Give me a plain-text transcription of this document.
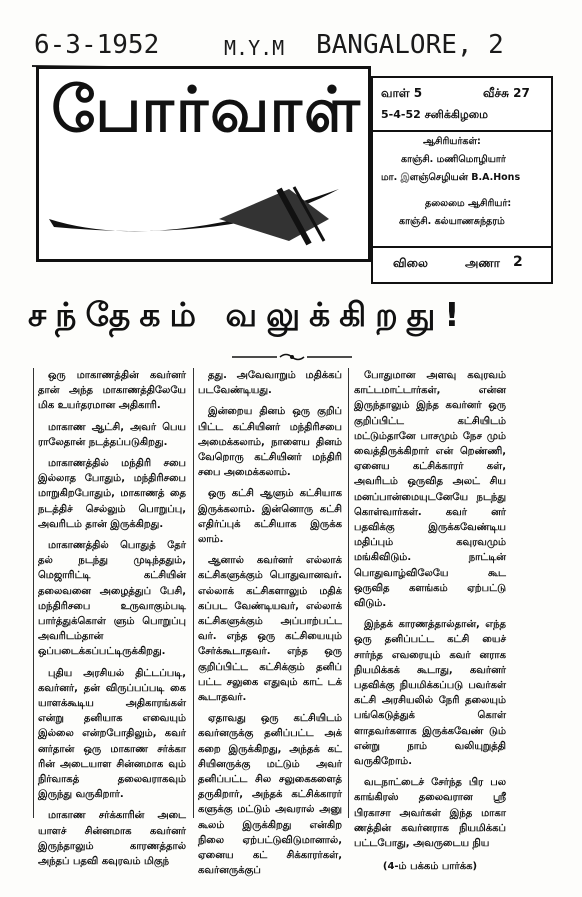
6-3-1952	M.Y.M BANGALORE, 2
போர்வாள் வாள் 5	வீச்சு 27
5-4-52 சனிக்கிழமை
ஆசிரியர்கள்:
காஞ்சி. மணிமொழியார்
மா. இளஞ்செழியன் B.A.Hons
தலைமை ஆசிரியர்:
காஞ்சி. கல்யாணசுந்தரம்
விலை	அணா 2
சந்தேகம் வலுக்கிறது!

ஒரு மாகாணத்தின் கவர்னர் தான் அந்த மாகாணத்திலேயே மிக உயர்தரமான அதிகாரி.

மாகாண ஆட்சி, அவர் பெய ராலேதான் நடத்தப்படுகிறது.

மாகாணத்தில் மந்திரி சபை இல்லாத போதும், மந்திரிசபை மாறுகிறபோதும், மாகாணத் தை நடத்திச் செல்லும் பொறுப்பு, அவரிடம் தான் இருக்கிறது.

மாகாணத்தில் பொதுத் தேர் தல் நடந்து முடிந்ததும், மெஜாரிட்டி கட்சியின் தலைவனை அழைத்துப் பேசி, மந்திரிசபை உருவாகும்படி பார்த்துக்கொள் ளும் பொறுப்பு அவரிடம்தான் ஒப்படைக்கப்பட்டிருக்கிறது.

புதிய அரசியல் திட்டப்படி, கவர்னர், தன் விருப்பப்படி கை யாளக்கூடிய அதிகாரங்கள் என்று தனியாக எவையும் இல்லை என்றபோதிலும், கவர் னர்தான் ஒரு மாகாண சர்க்கா ரின் அடையாள சின்னமாக வும் நிர்வாகத் தலைவராகவும் இருந்து வருகிறார்.

மாகாண சர்க்காரின் அடை யாளச் சின்னமாக கவர்னர் இருந்தாலும் காரணத்தால் அந்தப் பதவி கவுரவம் மிகுந்

தது. அவேவாறும் மதிக்கப் படவேண்டியது.

இன்றைய தினம் ஒரு குறிப் பிட்ட கட்சியினர் மந்திரிசபை அமைக்கலாம், நாளைய தினம் வேறொரு கட்சியினர் மந்திரி சபை அமைக்கலாம்.

ஒரு கட்சி ஆளும் கட்சியாக இருக்கலாம். இன்னொரு கட்சி எதிர்ப்புக் கட்சியாக இருக்க லாம்.

ஆனால் கவர்னர் எல்லாக் கட்சிகளுக்கும் பொதுவானவர். எல்லாக் கட்சிகளாலும் மதிக் கப்பட வேண்டியவர், எல்லாக் கட்சிகளுக்கும் அப்பாற்பட்ட வர். எந்த ஒரு கட்சியையும் சேர்க்கூடாதவர். எந்த ஒரு குறிப்பிட்ட கட்சிக்கும் தனிப் பட்ட சலுகை எதுவும் காட் டக் கூடாதவர்.

ஏதாவது ஒரு கட்சியிடம் கவர்னருக்கு தனிப்பட்ட அக் கறை இருக்கிறது, அந்தக் கட் சியினருக்கு மட்டும் அவர் தனிப்பட்ட சில சலுகைகளைத் தருகிறார், அந்தக் கட்சிக்காரர் களுக்கு மட்டும் அவரால் அனு கூலம் இருக்கிறது என்கிற நிலை ஏற்பட்டுவிடுமானால், ஏனைய கட் சிக்காரர்கள், கவர்னருக்குப்

போதுமான அளவு கவுரவம் காட்டமாட்டார்கள், என்ன இருந்தாலும் இந்த கவர்னர் ஒரு குறிப்பிட்ட கட்சியிடம் மட்டும்தானே பாசமும் நேச மும் வைத்திருக்கிறார் என் றெண்ணி, ஏனைய கட்சிக்காரர் கள், அவரிடம் ஒருவித அலட் சிய மனப்பான்மையுடனேயே நடந்து கொள்வார்கள். கவர் னர் பதவிக்கு இருக்கவேண்டிய மதிப்பும் கவுரவமும் மங்கிவிடும். நாட்டின் பொதுவாழ்விலேயே கூட ஒருவித களங்கம் ஏற்பட்டு விடும்.

இந்தக் காரணத்தால்தான், எந்த ஒரு தனிப்பட்ட கட்சி யைச் சார்ந்த எவரையும் கவர் னராக நியமிக்கக் கூடாது, கவர்னர் பதவிக்கு நியமிக்கப்படு பவர்கள் கட்சி அரசியலில் நேரி தலையும் பங்கெடுத்துக் கொள் ளாதவர்களாக இருக்கவேண் டும் என்று நாம் வலியுறுத்தி வருகிறோம்.

வடநாட்டைச் சேர்ந்த பிர பல காங்கிரஸ் தலைவரான ஸ்ரீ பிரகாசா அவர்கள் இந்த மாகா ணத்தின் கவர்னராக நியமிக்கப் பட்டபோது, அவருடைய நிய

(4-ம் பக்கம் பார்க்க)
